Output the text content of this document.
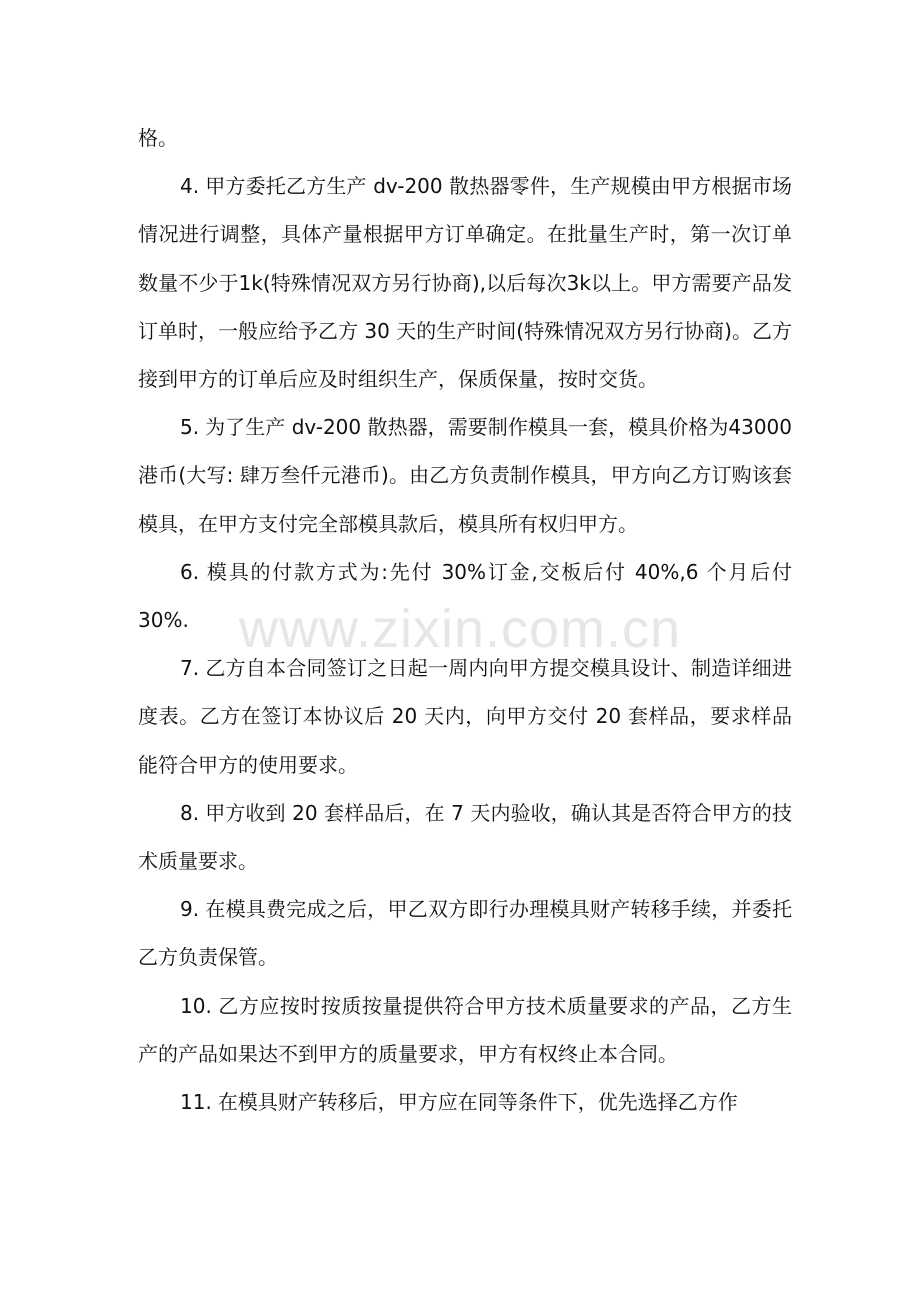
www.zixin.com.cn

格。

4. 甲方委托乙方生产 dv-200 散热器零件，生产规模由甲方根据市场情况进行调整，具体产量根据甲方订单确定。在批量生产时，第一次订单数量不少于1k(特殊情况双方另行协商),以后每次3k以上。甲方需要产品发订单时，一般应给予乙方 30 天的生产时间(特殊情况双方另行协商)。乙方接到甲方的订单后应及时组织生产，保质保量，按时交货。

5. 为了生产 dv-200 散热器，需要制作模具一套，模具价格为43000 港币(大写: 肆万叁仟元港币)。由乙方负责制作模具，甲方向乙方订购该套模具，在甲方支付完全部模具款后，模具所有权归甲方。

6. 模具的付款方式为:先付 30%订金,交板后付 40%,6 个月后付30%.

7. 乙方自本合同签订之日起一周内向甲方提交模具设计、制造详细进度表。乙方在签订本协议后 20 天内，向甲方交付 20 套样品，要求样品能符合甲方的使用要求。

8. 甲方收到 20 套样品后，在 7 天内验收，确认其是否符合甲方的技术质量要求。

9. 在模具费完成之后，甲乙双方即行办理模具财产转移手续，并委托乙方负责保管。

10. 乙方应按时按质按量提供符合甲方技术质量要求的产品，乙方生产的产品如果达不到甲方的质量要求，甲方有权终止本合同。

11. 在模具财产转移后，甲方应在同等条件下，优先选择乙方作
